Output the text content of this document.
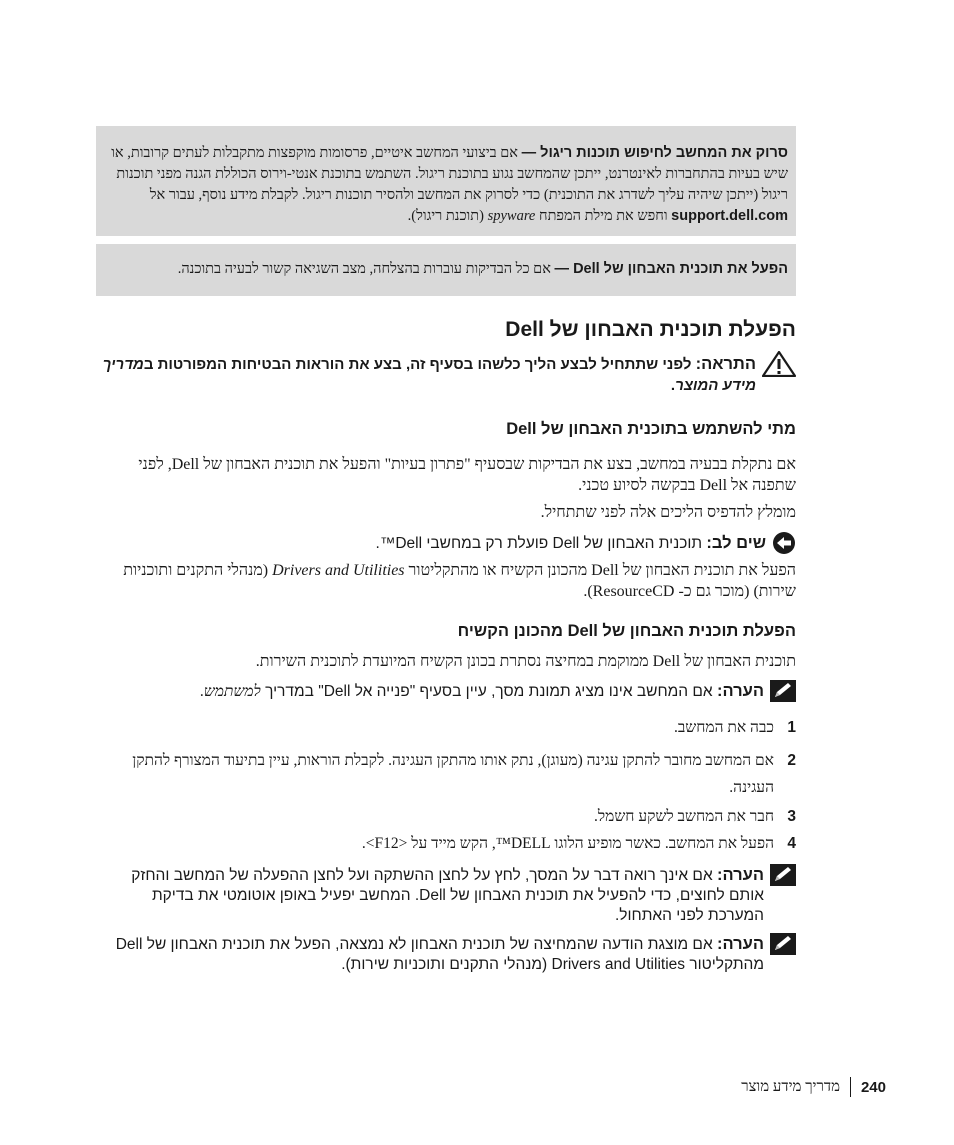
סרוק את המחשב לחיפוש תוכנות ריגול — אם ביצועי המחשב איטיים, פרסומות מוקפצות מתקבלות לעתים קרובות, או שיש בעיות בהתחברות לאינטרנט, ייתכן שהמחשב נגוע בתוכנת ריגול. השתמש בתוכנת אנטי-וירוס הכוללת הגנה מפני תוכנות ריגול (ייתכן שיהיה עליך לשדרג את התוכנית) כדי לסרוק את המחשב ולהסיר תוכנות ריגול. לקבלת מידע נוסף, עבור אל support.dell.com וחפש את מילת המפתח spyware (תוכנת ריגול).

הפעל את תוכנית האבחון של Dell — אם כל הבדיקות עוברות בהצלחה, מצב השגיאה קשור לבעיה בתוכנה.

הפעלת תוכנית האבחון של Dell

התראה: לפני שתתחיל לבצע הליך כלשהו בסעיף זה, בצע את הוראות הבטיחות המפורטות במדריך מידע המוצר.

מתי להשתמש בתוכנית האבחון של Dell

אם נתקלת בבעיה במחשב, בצע את הבדיקות שבסעיף "פתרון בעיות" והפעל את תוכנית האבחון של Dell, לפני שתפנה אל Dell בבקשה לסיוע טכני.

מומלץ להדפיס הליכים אלה לפני שתתחיל.

שים לב: תוכנית האבחון של Dell פועלת רק במחשבי Dell™.

הפעל את תוכנית האבחון של Dell מהכונן הקשיח או מהתקליטור Drivers and Utilities (מנהלי התקנים ותוכניות שירות) (מוכר גם כ- ResourceCD).

הפעלת תוכנית האבחון של Dell מהכונן הקשיח

תוכנית האבחון של Dell ממוקמת במחיצה נסתרת בכונן הקשיח המיועדת לתוכנית השירות.

הערה: אם המחשב אינו מציג תמונת מסך, עיין בסעיף "פנייה אל Dell" במדריך למשתמש.

1
כבה את המחשב.
2
אם המחשב מחובר להתקן עגינה (מעוגן), נתק אותו מהתקן העגינה. לקבלת הוראות, עיין בתיעוד המצורף להתקן העגינה.
3
חבר את המחשב לשקע חשמל.
4
הפעל את המחשב. כאשר מופיע הלוגו DELL™, הקש מייד על <F12>.

הערה: אם אינך רואה דבר על המסך, לחץ על לחצן ההשתקה ועל לחצן ההפעלה של המחשב והחזק אותם לחוצים, כדי להפעיל את תוכנית האבחון של Dell. המחשב יפעיל באופן אוטומטי את בדיקת המערכת לפני האתחול.

הערה: אם מוצגת הודעה שהמחיצה של תוכנית האבחון לא נמצאה, הפעל את תוכנית האבחון של Dell מהתקליטור Drivers and Utilities (מנהלי התקנים ותוכניות שירות).

240
מדריך מידע מוצר
